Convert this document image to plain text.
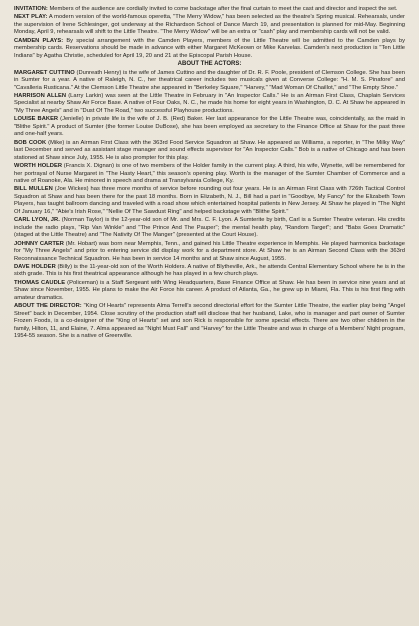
INVITATION: Members of the audience are cordially invited to come backstage after the final curtain to meet the cast and director and inspect the set.

NEXT PLAY: A modern version of the world-famous operetta, "The Merry Widow," has been selected as the theatre's Spring musical. Rehearsals, under the supervision of Irene Schlesinger, got underway at the Richardson School of Dance March 19, and presentation is planned for mid-May. Beginning Monday, April 9, rehearsals will shift to the Little Theatre. "The Merry Widow" will be an extra or "cash" play and membership cards will not be valid.

CAMDEN PLAYS: By special arrangement with the Camden Players, members of the Little Theatre will be admitted to the Camden plays by membership cards. Reservations should be made in advance with either Margaret McKeown or Mike Karvelas. Camden's next production is "Ten Little Indians" by Agatha Christie, scheduled for April 19, 20 and 21 at the Episcopal Parish House.

ABOUT THE ACTORS:

MARGARET CUTTINO (Dunreath Henry) is the wife of James Cuttino and the daughter of Dr. R. F. Poole, president of Clemson College. She has been in Sumter for a year. A native of Raleigh, N. C., her theatrical career includes two musicals given at Converse College: "H. M. S. Pinafore" and "Cavalleria Rusticana." At the Clemson Little Theatre she appeared in "Berkeley Square," "Harvey," "Mad Woman Of Chaillot," and "The Empty Shoe."

HARRISON ALLEN (Larry Larkin) was seen at the Little Theatre in February in "An Inspector Calls." He is an Airman First Class, Chaplain Services Specialist at nearby Shaw Air Force Base. A native of Four Oaks, N. C., he made his home for eight years in Washington, D. C. At Shaw he appeared in "My Three Angels" and in "Dust Of The Road," two successful Playhouse productions.

LOUISE BAKER (Jenielle) in private life is the wife of J. B. (Red) Baker. Her last appearance for the Little Theatre was, coincidentally, as the maid in "Blithe Spirit." A product of Sumter (the former Louise DuBose), she has been employed as secretary to the Finance Office at Shaw for the past three and one-half years.

BOB COOK (Mike) is an Airman First Class with the 363rd Food Service Squadron at Shaw. He appeared as Williams, a reporter, in "The Milky Way" last December and served as assistant stage manager and sound effects supervisor for "An Inspector Calls." Bob is a native of Chicago and has been stationed at Shaw since July, 1955. He is also prompter for this play.

WORTH HOLDER (Francis X. Dignan) is one of two members of the Holder family in the current play. A third, his wife, Wynette, will be remembered for her portrayal of Nurse Margaret in "The Hasty Heart," this season's opening play. Worth is the manager of the Sumter Chamber of Commerce and a native of Roanoke, Ala. He minored in speech and drama at Transylvania College, Ky.

BILL MULLEN (Joe Wickes) has three more months of service before rounding out four years. He is an Airman First Class with 726th Tactical Control Squadron at Shaw and has been there for the past 18 months. Born in Elizabeth, N. J., Bill had a part in "Goodbye, My Fancy" for the Elizabeth Town Players, has taught ballroom dancing and traveled with a road show which entertained hospital patients in New Jersey. At Shaw he played in "The Night Of January 16," "Abie's Irish Rose," "Nellie Of The Sawdust Ring" and helped backstage with "Blithe Spirit."

CARL LYON, JR. (Norman Taylor) is the 12-year-old son of Mr. and Mrs. C. F. Lyon. A Sumterite by birth, Carl is a Sumter Theatre veteran. His credits include the radio plays, "Rip Van Winkle" and "The Prince And The Pauper"; the mental health play, "Random Target"; and "Babs Goes Dramatic" (staged at the Little Theatre) and "The Nativity Of The Manger" (presented at the Court House).

JOHNNY CARTER (Mr. Hobart) was born near Memphis, Tenn., and gained his Little Theatre experience in Memphis. He played harmonica backstage for "My Three Angels" and prior to entering service did display work for a department store. At Shaw he is an Airman Second Class with the 363rd Reconnaissance Technical Squadron. He has been in service 14 months and at Shaw since August, 1955.

DAVE HOLDER (Billy) is the 11-year-old son of the Worth Holders. A native of Blytheville, Ark., he attends Central Elementary School where he is in the sixth grade. This is his first theatrical appearance although he has played in a few church plays.

THOMAS CAUDLE (Policeman) is a Staff Sergeant with Wing Headquarters, Base Finance Office at Shaw. He has been in service nine years and at Shaw since November, 1955. He plans to make the Air Force his career. A product of Atlanta, Ga., he grew up in Miami, Fla. This is his first fling with amateur dramatics.

ABOUT THE DIRECTOR: "King Of Hearts" represents Alma Terrell's second directorial effort for the Sumter Little Theatre, the earlier play being "Angel Street" back in December, 1954. Close scrutiny of the production staff will disclose that her husband, Lake, who is manager and part owner of Sumter Frozen Foods, is a co-designer of the "King of Hearts" set and son Rick is responsible for some special effects. There are two other children in the family, Hilton, 11, and Elaine, 7. Alma appeared as "Night Must Fall" and "Harvey" for the Little Theatre and was in charge of a Members' Night program, 1954-55 season. She is a native of Greenville.
